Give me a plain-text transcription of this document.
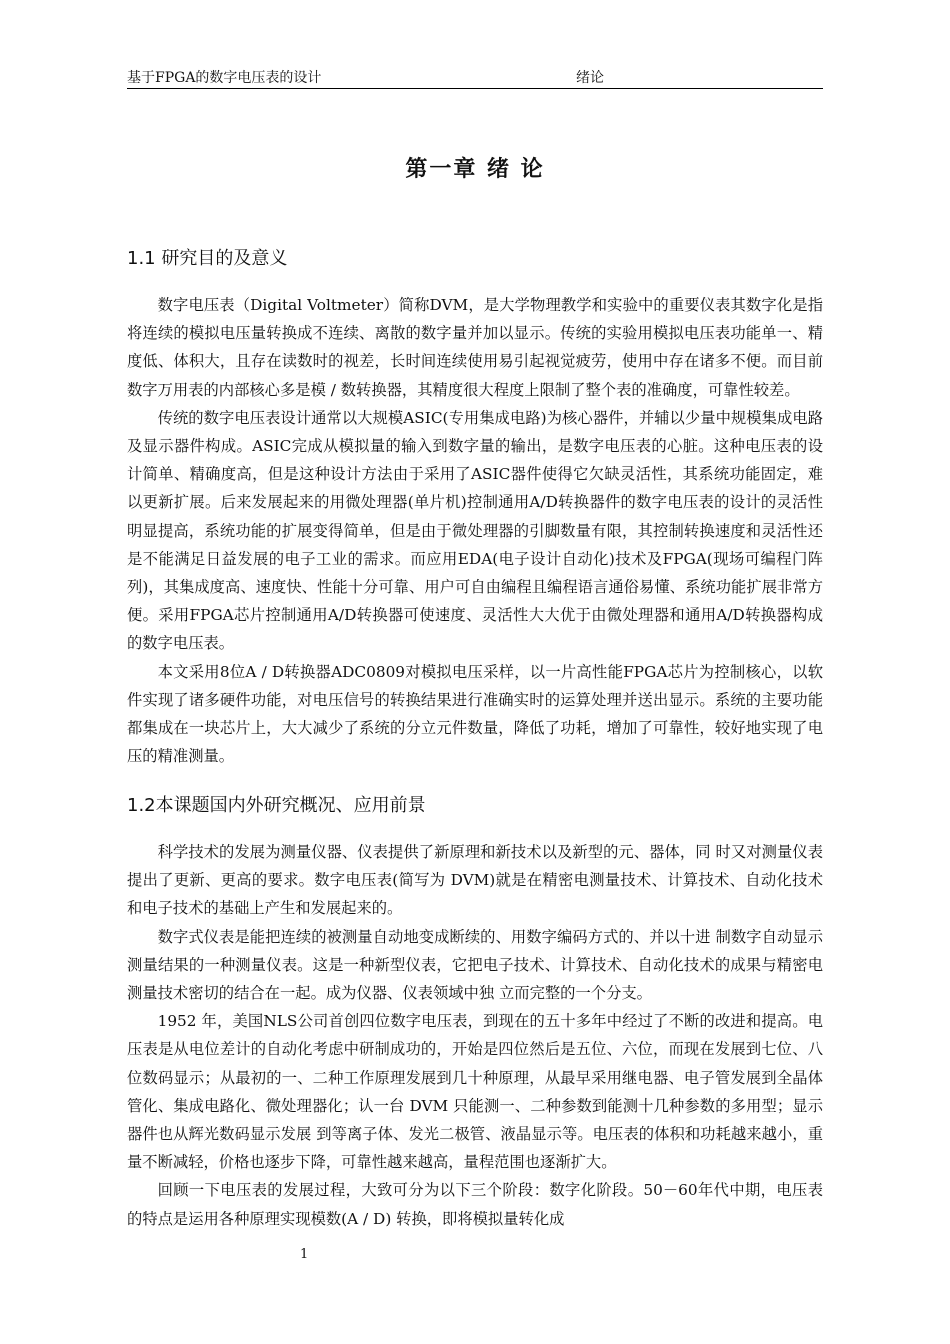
基于FPGA的数字电压表的设计	绪论
第一章 绪 论
1.1 研究目的及意义

数字电压表（Digital Voltmeter）简称DVM，是大学物理教学和实验中的重要仪表其数字化是指将连续的模拟电压量转换成不连续、离散的数字量并加以显示。传统的实验用模拟电压表功能单一、精度低、体积大，且存在读数时的视差，长时间连续使用易引起视觉疲劳，使用中存在诸多不便。而目前数字万用表的内部核心多是模 / 数转换器，其精度很大程度上限制了整个表的准确度，可靠性较差。

传统的数字电压表设计通常以大规模ASIC(专用集成电路)为核心器件，并辅以少量中规模集成电路及显示器件构成。ASIC完成从模拟量的输入到数字量的输出，是数字电压表的心脏。这种电压表的设计简单、精确度高，但是这种设计方法由于采用了ASIC器件使得它欠缺灵活性，其系统功能固定，难以更新扩展。后来发展起来的用微处理器(单片机)控制通用A/D转换器件的数字电压表的设计的灵活性明显提高，系统功能的扩展变得简单，但是由于微处理器的引脚数量有限，其控制转换速度和灵活性还是不能满足日益发展的电子工业的需求。而应用EDA(电子设计自动化)技术及FPGA(现场可编程门阵列)，其集成度高、速度快、性能十分可靠、用户可自由编程且编程语言通俗易懂、系统功能扩展非常方便。采用FPGA芯片控制通用A/D转换器可使速度、灵活性大大优于由微处理器和通用A/D转换器构成的数字电压表。

本文采用8位A / D转换器ADC0809对模拟电压采样，以一片高性能FPGA芯片为控制核心，以软件实现了诸多硬件功能，对电压信号的转换结果进行准确实时的运算处理并送出显示。系统的主要功能都集成在一块芯片上，大大减少了系统的分立元件数量，降低了功耗，增加了可靠性，较好地实现了电压的精准测量。

1.2本课题国内外研究概况、应用前景

科学技术的发展为测量仪器、仪表提供了新原理和新技术以及新型的元、器体，同 时又对测量仪表提出了更新、更高的要求。数字电压表(简写为 DVM)就是在精密电测量技术、计算技术、自动化技术和电子技术的基础上产生和发展起来的。

数字式仪表是能把连续的被测量自动地变成断续的、用数字编码方式的、并以十进 制数字自动显示测量结果的一种测量仪表。这是一种新型仪表，它把电子技术、计算技术、自动化技术的成果与精密电测量技术密切的结合在一起。成为仪器、仪表领域中独 立而完整的一个分支。

1952 年，美国NLS公司首创四位数字电压表，到现在的五十多年中经过了不断的改进和提高。电压表是从电位差计的自动化考虑中研制成功的，开始是四位然后是五位、六位，而现在发展到七位、八位数码显示；从最初的一、二种工作原理发展到几十种原理，从最早采用继电器、电子管发展到全晶体管化、集成电路化、微处理器化；认一台 DVM 只能测一、二种参数到能测十几种参数的多用型；显示器件也从辉光数码显示发展 到等离子体、发光二极管、液晶显示等。电压表的体积和功耗越来越小，重量不断减轻，价格也逐步下降，可靠性越来越高，量程范围也逐渐扩大。

回顾一下电压表的发展过程，大致可分为以下三个阶段：数字化阶段。50－60年代中期，电压表的特点是运用各种原理实现模数(A / D) 转换，即将模拟量转化成

1
